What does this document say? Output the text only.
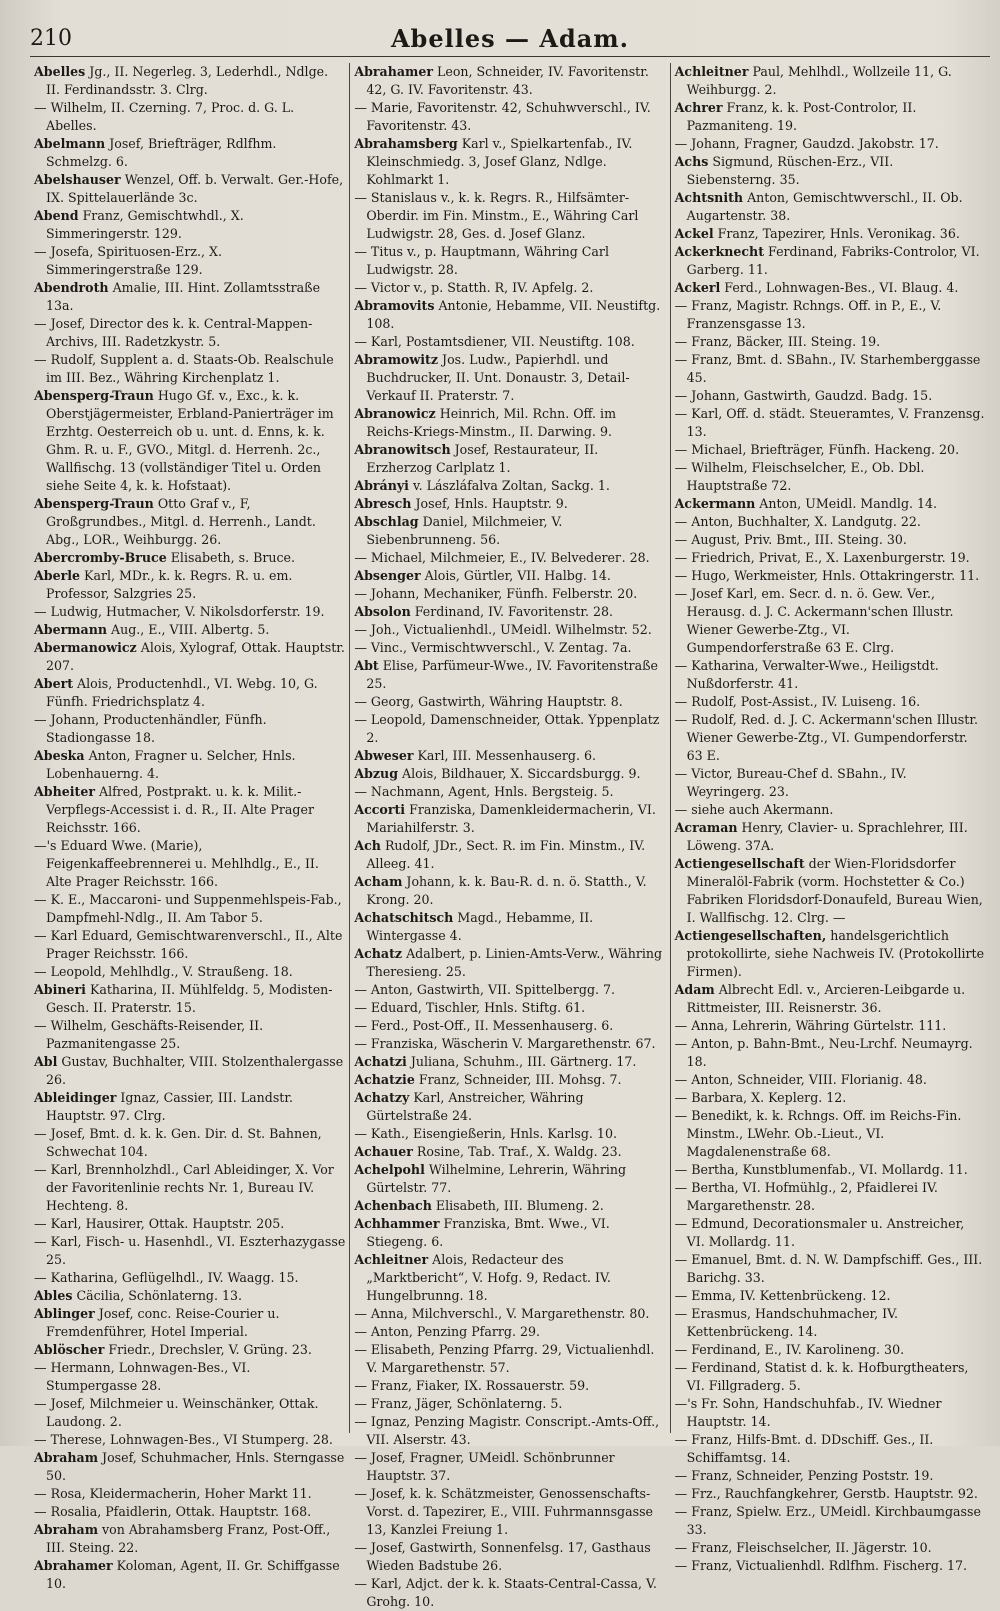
210	Abelles — Adam.

Abelles Jg., II. Negerleg. 3, Lederhdl., Ndlge. II. Ferdinandsstr. 3. Clrg.

— Wilhelm, II. Czerning. 7, Proc. d. G. L. Abelles.

Abelmann Josef, Briefträger, Rdlfhm. Schmelzg. 6.

Abelshauser Wenzel, Off. b. Verwalt. Ger.-Hofe, IX. Spittelauerlände 3c.

Abend Franz, Gemischtwhdl., X. Simmeringerstr. 129.

— Josefa, Spirituosen-Erz., X. Simmeringerstraße 129.

Abendroth Amalie, III. Hint. Zollamtsstraße 13a.

— Josef, Director des k. k. Central-Mappen-Archivs, III. Radetzkystr. 5.

— Rudolf, Supplent a. d. Staats-Ob. Realschule im III. Bez., Währing Kirchenplatz 1.

Abensperg-Traun Hugo Gf. v., Exc., k. k. Oberstjägermeister, Erbland-Panierträger im Erzhtg. Oesterreich ob u. unt. d. Enns, k. k. Ghm. R. u. F., GVO., Mitgl. d. Herrenh. 2c., Wallfischg. 13 (vollständiger Titel u. Orden siehe Seite 4, k. k. Hofstaat).

Abensperg-Traun Otto Graf v., F, Großgrundbes., Mitgl. d. Herrenh., Landt. Abg., LOR., Weihburgg. 26.

Abercromby-Bruce Elisabeth, s. Bruce.

Aberle Karl, MDr., k. k. Regrs. R. u. em. Professor, Salzgries 25.

— Ludwig, Hutmacher, V. Nikolsdorferstr. 19.

Abermann Aug., E., VIII. Albertg. 5.

Abermanowicz Alois, Xylograf, Ottak. Hauptstr. 207.

Abert Alois, Productenhdl., VI. Webg. 10, G. Fünfh. Friedrichsplatz 4.

— Johann, Productenhändler, Fünfh. Stadiongasse 18.

Abeska Anton, Fragner u. Selcher, Hnls. Lobenhauerng. 4.

Abheiter Alfred, Postprakt. u. k. k. Milit.-Verpflegs-Accessist i. d. R., II. Alte Prager Reichsstr. 166.

—'s Eduard Wwe. (Marie), Feigenkaffeebrennerei u. Mehlhdlg., E., II. Alte Prager Reichsstr. 166.

— K. E., Maccaroni- und Suppenmehlspeis-Fab., Dampfmehl-Ndlg., II. Am Tabor 5.

— Karl Eduard, Gemischtwarenverschl., II., Alte Prager Reichsstr. 166.

— Leopold, Mehlhdlg., V. Straußeng. 18.

Abineri Katharina, II. Mühlfeldg. 5, Modisten-Gesch. II. Praterstr. 15.

— Wilhelm, Geschäfts-Reisender, II. Pazmanitengasse 25.

Abl Gustav, Buchhalter, VIII. Stolzenthalergasse 26.

Ableidinger Ignaz, Cassier, III. Landstr. Hauptstr. 97. Clrg.

— Josef, Bmt. d. k. k. Gen. Dir. d. St. Bahnen, Schwechat 104.

— Karl, Brennholzhdl., Carl Ableidinger, X. Vor der Favoritenlinie rechts Nr. 1, Bureau IV. Hechteng. 8.

— Karl, Hausirer, Ottak. Hauptstr. 205.

— Karl, Fisch- u. Hasenhdl., VI. Eszterhazygasse 25.

— Katharina, Geflügelhdl., IV. Waagg. 15.

Ables Cäcilia, Schönlaterng. 13.

Ablinger Josef, conc. Reise-Courier u. Fremdenführer, Hotel Imperial.

Ablöscher Friedr., Drechsler, V. Grüng. 23.

— Hermann, Lohnwagen-Bes., VI. Stumpergasse 28.

— Josef, Milchmeier u. Weinschänker, Ottak. Laudong. 2.

— Therese, Lohnwagen-Bes., VI Stumperg. 28.

Abraham Josef, Schuhmacher, Hnls. Sterngasse 50.

— Rosa, Kleidermacherin, Hoher Markt 11.

— Rosalia, Pfaidlerin, Ottak. Hauptstr. 168.

Abraham von Abrahamsberg Franz, Post-Off., III. Steing. 22.

Abrahamer Koloman, Agent, II. Gr. Schiffgasse 10.

Abrahamer Leon, Schneider, IV. Favoritenstr. 42, G. IV. Favoritenstr. 43.

— Marie, Favoritenstr. 42, Schuhwverschl., IV. Favoritenstr. 43.

Abrahamsberg Karl v., Spielkartenfab., IV. Kleinschmiedg. 3, Josef Glanz, Ndlge. Kohlmarkt 1.

— Stanislaus v., k. k. Regrs. R., Hilfsämter-Oberdir. im Fin. Minstm., E., Währing Carl Ludwigstr. 28, Ges. d. Josef Glanz.

— Titus v., p. Hauptmann, Währing Carl Ludwigstr. 28.

— Victor v., p. Statth. R, IV. Apfelg. 2.

Abramovits Antonie, Hebamme, VII. Neustiftg. 108.

— Karl, Postamtsdiener, VII. Neustiftg. 108.

Abramowitz Jos. Ludw., Papierhdl. und Buchdrucker, II. Unt. Donaustr. 3, Detail-Verkauf II. Praterstr. 7.

Abranowicz Heinrich, Mil. Rchn. Off. im Reichs-Kriegs-Minstm., II. Darwing. 9.

Abranowitsch Josef, Restaurateur, II. Erzherzog Carlplatz 1.

Abrányi v. Lászláfalva Zoltan, Sackg. 1.

Abresch Josef, Hnls. Hauptstr. 9.

Abschlag Daniel, Milchmeier, V. Siebenbrunneng. 56.

— Michael, Milchmeier, E., IV. Belvederег. 28.

Absenger Alois, Gürtler, VII. Halbg. 14.

— Johann, Mechaniker, Fünfh. Felberstr. 20.

Absolon Ferdinand, IV. Favoritenstr. 28.

— Joh., Victualienhdl., UMeidl. Wilhelmstr. 52.

— Vinc., Vermischtwverschl., V. Zentag. 7a.

Abt Elise, Parfümeur-Wwe., IV. Favoritenstraße 25.

— Georg, Gastwirth, Währing Hauptstr. 8.

— Leopold, Damenschneider, Ottak. Yppenplatz 2.

Abweser Karl, III. Messenhauserg. 6.

Abzug Alois, Bildhauer, X. Siccardsburgg. 9.

— Nachmann, Agent, Hnls. Bergsteig. 5.

Accorti Franziska, Damenkleidermacherin, VI. Mariahilferstr. 3.

Ach Rudolf, JDr., Sect. R. im Fin. Minstm., IV. Alleeg. 41.

Acham Johann, k. k. Bau-R. d. n. ö. Statth., V. Krong. 20.

Achatschitsch Magd., Hebamme, II. Wintergasse 4.

Achatz Adalbert, p. Linien-Amts-Verw., Währing Theresieng. 25.

— Anton, Gastwirth, VII. Spittelbergg. 7.

— Eduard, Tischler, Hnls. Stiftg. 61.

— Ferd., Post-Off., II. Messenhauserg. 6.

— Franziska, Wäscherin V. Margarethenstr. 67.

Achatzi Juliana, Schuhm., III. Gärtnerg. 17.

Achatzie Franz, Schneider, III. Mohsg. 7.

Achatzy Karl, Anstreicher, Währing Gürtelstraße 24.

— Kath., Eisengießerin, Hnls. Karlsg. 10.

Achauer Rosine, Tab. Traf., X. Waldg. 23.

Achelpohl Wilhelmine, Lehrerin, Währing Gürtelstr. 77.

Achenbach Elisabeth, III. Blumeng. 2.

Achhammer Franziska, Bmt. Wwe., VI. Stiegeng. 6.

Achleitner Alois, Redacteur des „Marktbericht“, V. Hofg. 9, Redact. IV. Hungelbrunng. 18.

— Anna, Milchverschl., V. Margarethenstr. 80.

— Anton, Penzing Pfarrg. 29.

— Elisabeth, Penzing Pfarrg. 29, Victualienhdl. V. Margarethenstr. 57.

— Franz, Fiaker, IX. Rossauerstr. 59.

— Franz, Jäger, Schönlaterng. 5.

— Ignaz, Penzing Magistr. Conscript.-Amts-Off., VII. Alserstr. 43.

— Josef, Fragner, UMeidl. Schönbrunner Hauptstr. 37.

— Josef, k. k. Schätzmeister, Genossenschafts-Vorst. d. Tapezirer, E., VIII. Fuhrmannsgasse 13, Kanzlei Freiung 1.

— Josef, Gastwirth, Sonnenfelsg. 17, Gasthaus Wieden Badstube 26.

— Karl, Adjct. der k. k. Staats-Central-Cassa, V. Grohg. 10.

Achleitner Paul, Mehlhdl., Wollzeile 11, G. Weihburgg. 2.

Achrer Franz, k. k. Post-Controlor, II. Pazmaniteng. 19.

— Johann, Fragner, Gaudzd. Jakobstr. 17.

Achs Sigmund, Rüschen-Erz., VII. Siebensterng. 35.

Achtsnith Anton, Gemischtwverschl., II. Ob. Augartenstr. 38.

Ackel Franz, Tapezirer, Hnls. Veronikag. 36.

Ackerknecht Ferdinand, Fabriks-Controlor, VI. Garberg. 11.

Ackerl Ferd., Lohnwagen-Bes., VI. Blaug. 4.

— Franz, Magistr. Rchngs. Off. in P., E., V. Franzensgasse 13.

— Franz, Bäcker, III. Steing. 19.

— Franz, Bmt. d. SBahn., IV. Starhemberggasse 45.

— Johann, Gastwirth, Gaudzd. Badg. 15.

— Karl, Off. d. städt. Steueramtes, V. Franzensg. 13.

— Michael, Briefträger, Fünfh. Hackeng. 20.

— Wilhelm, Fleischselcher, E., Ob. Dbl. Hauptstraße 72.

Ackermann Anton, UMeidl. Mandlg. 14.

— Anton, Buchhalter, X. Landgutg. 22.

— August, Priv. Bmt., III. Steing. 30.

— Friedrich, Privat, E., X. Laxenburgerstr. 19.

— Hugo, Werkmeister, Hnls. Ottakringerstr. 11.

— Josef Karl, em. Secr. d. n. ö. Gew. Ver., Herausg. d. J. C. Ackermann'schen Illustr. Wiener Gewerbe-Ztg., VI. Gumpendorferstraße 63 E. Clrg.

— Katharina, Verwalter-Wwe., Heiligstdt. Nußdorferstr. 41.

— Rudolf, Post-Assist., IV. Luiseng. 16.

— Rudolf, Red. d. J. C. Ackermann'schen Illustr. Wiener Gewerbe-Ztg., VI. Gumpendorferstr. 63 E.

— Victor, Bureau-Chef d. SBahn., IV. Weyringerg. 23.

— siehe auch Akermann.

Acraman Henry, Clavier- u. Sprachlehrer, III. Löweng. 37A.

Actiengesellschaft der Wien-Floridsdorfer Mineralöl-Fabrik (vorm. Hochstetter & Co.) Fabriken Floridsdorf-Donaufeld, Bureau Wien, I. Wallfischg. 12. Clrg. —

Actiengesellschaften, handelsgerichtlich protokollirte, siehe Nachweis IV. (Protokollirte Firmen).

Adam Albrecht Edl. v., Arcieren-Leibgarde u. Rittmeister, III. Reisnerstr. 36.

— Anna, Lehrerin, Währing Gürtelstr. 111.

— Anton, p. Bahn-Bmt., Neu-Lrchf. Neumayrg. 18.

— Anton, Schneider, VIII. Florianig. 48.

— Barbara, X. Keplerg. 12.

— Benedikt, k. k. Rchngs. Off. im Reichs-Fin. Minstm., LWehr. Ob.-Lieut., VI. Magdalenenstraße 68.

— Bertha, Kunstblumenfab., VI. Mollardg. 11.

— Bertha, VI. Hofmühlg., 2, Pfaidlerei IV. Margarethenstr. 28.

— Edmund, Decorationsmaler u. Anstreicher, VI. Mollardg. 11.

— Emanuel, Bmt. d. N. W. Dampfschiff. Ges., III. Barichg. 33.

— Emma, IV. Kettenbrückeng. 12.

— Erasmus, Handschuhmacher, IV. Kettenbrückeng. 14.

— Ferdinand, E., IV. Karolineng. 30.

— Ferdinand, Statist d. k. k. Hofburgtheaters, VI. Fillgraderg. 5.

—'s Fr. Sohn, Handschuhfab., IV. Wiedner Hauptstr. 14.

— Franz, Hilfs-Bmt. d. DDschiff. Ges., II. Schiffamtsg. 14.

— Franz, Schneider, Penzing Poststr. 19.

— Frz., Rauchfangkehrer, Gerstb. Hauptstr. 92.

— Franz, Spielw. Erz., UMeidl. Kirchbaumgasse 33.

— Franz, Fleischselcher, II. Jägerstr. 10.

— Franz, Victualienhdl. Rdlfhm. Fischerg. 17.
